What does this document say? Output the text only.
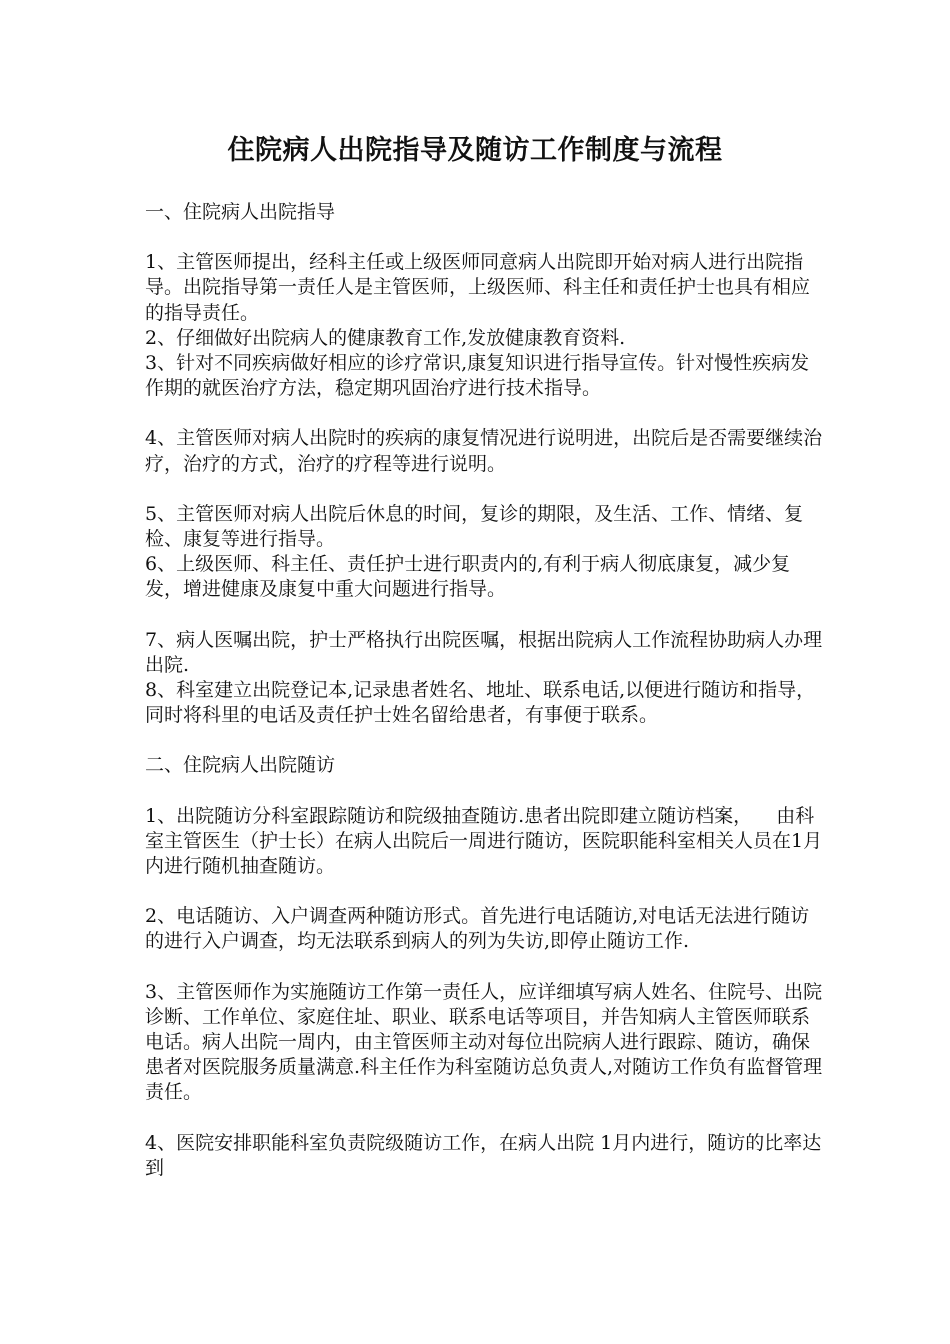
住院病人出院指导及随访工作制度与流程

一、住院病人出院指导

1、主管医师提出，经科主任或上级医师同意病人出院即开始对病人进行出院指导。出院指导第一责任人是主管医师，上级医师、科主任和责任护士也具有相应的指导责任。

2、仔细做好出院病人的健康教育工作,发放健康教育资料.

3、针对不同疾病做好相应的诊疗常识,康复知识进行指导宣传。针对慢性疾病发作期的就医治疗方法，稳定期巩固治疗进行技术指导。

4、主管医师对病人出院时的疾病的康复情况进行说明进，出院后是否需要继续治疗，治疗的方式，治疗的疗程等进行说明。

5、主管医师对病人出院后休息的时间，复诊的期限，及生活、工作、情绪、复检、康复等进行指导。

6、上级医师、科主任、责任护士进行职责内的,有利于病人彻底康复，减少复发，增进健康及康复中重大问题进行指导。

7、病人医嘱出院，护士严格执行出院医嘱，根据出院病人工作流程协助病人办理出院.

8、科室建立出院登记本,记录患者姓名、地址、联系电话,以便进行随访和指导，同时将科里的电话及责任护士姓名留给患者，有事便于联系。

二、住院病人出院随访

1、出院随访分科室跟踪随访和院级抽查随访.患者出院即建立随访档案，    由科室主管医生（护士长）在病人出院后一周进行随访，医院职能科室相关人员在1月内进行随机抽查随访。

2、电话随访、入户调查两种随访形式。首先进行电话随访,对电话无法进行随访的进行入户调查，均无法联系到病人的列为失访,即停止随访工作.

3、主管医师作为实施随访工作第一责任人，应详细填写病人姓名、住院号、出院诊断、工作单位、家庭住址、职业、联系电话等项目，并告知病人主管医师联系电话。病人出院一周内，由主管医师主动对每位出院病人进行跟踪、随访，确保患者对医院服务质量满意.科主任作为科室随访总负责人,对随访工作负有监督管理责任。

4、医院安排职能科室负责院级随访工作，在病人出院 1月内进行，随访的比率达到
